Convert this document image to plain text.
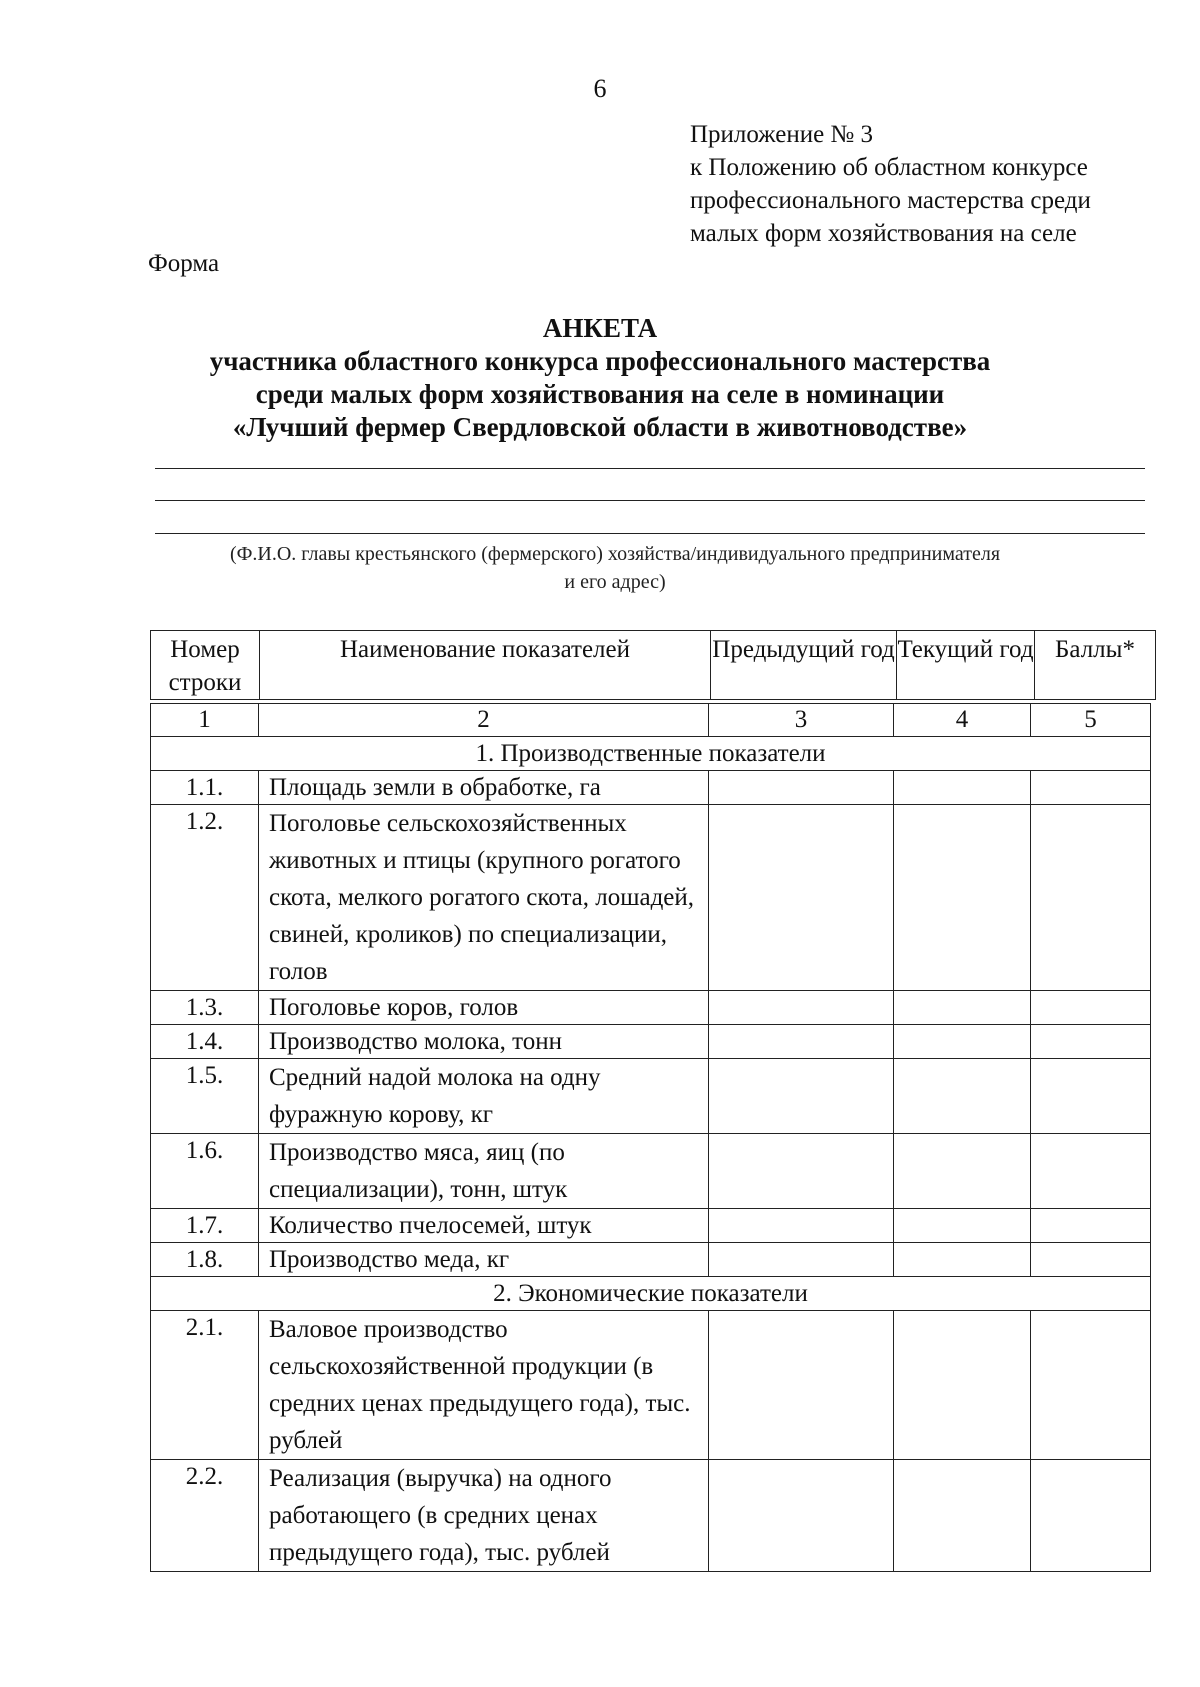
6
Приложение № 3
к Положению об областном конкурсе
профессионального мастерства среди
малых форм хозяйствования на селе
Форма
АНКЕТА
участника областного конкурса профессионального мастерства
среди малых форм хозяйствования на селе в номинации
«Лучший фермер Свердловской области в животноводстве»
(Ф.И.О. главы крестьянского (фермерского) хозяйства/индивидуального предпринимателя
и его адрес)
Номер строки	Наименование показателей	Предыдущий год	Текущий год	Баллы*
1	2	3	4	5
1. Производственные показатели				
1.1.	Площадь земли в обработке, га			
1.2.	Поголовье сельскохозяйственных животных и птицы (крупного рогатого скота, мелкого рогатого скота, лошадей, свиней, кроликов) по специализации, голов			
1.3.	Поголовье коров, голов			
1.4.	Производство молока, тонн			
1.5.	Средний надой молока на одну фуражную корову, кг			
1.6.	Производство мяса, яиц (по специализации), тонн, штук			
1.7.	Количество пчелосемей, штук			
1.8.	Производство меда, кг			
2. Экономические показатели				
2.1.	Валовое производство сельскохозяйственной продукции (в средних ценах предыдущего года), тыс. рублей			
2.2.	Реализация (выручка) на одного работающего (в средних ценах предыдущего года), тыс. рублей			
